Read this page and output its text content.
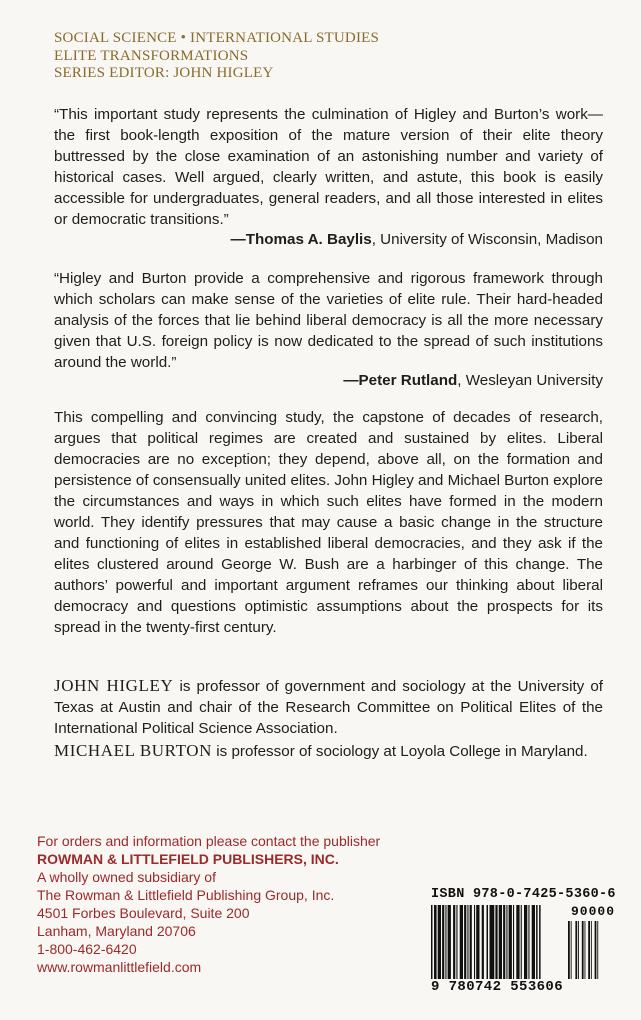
SOCIAL SCIENCE • INTERNATIONAL STUDIES
ELITE TRANSFORMATIONS
SERIES EDITOR: JOHN HIGLEY
“This important study represents the culmination of Higley and Burton’s work—the first book-length exposition of the mature version of their elite theory buttressed by the close examination of an astonishing number and variety of historical cases. Well argued, clearly written, and astute, this book is easily accessible for undergraduates, general readers, and all those interested in elites or democratic transitions.”
—Thomas A. Baylis, University of Wisconsin, Madison
“Higley and Burton provide a comprehensive and rigorous framework through which scholars can make sense of the varieties of elite rule. Their hard-headed analysis of the forces that lie behind liberal democracy is all the more necessary given that U.S. foreign policy is now dedicated to the spread of such institutions around the world.”
—Peter Rutland, Wesleyan University
This compelling and convincing study, the capstone of decades of research, argues that political regimes are created and sustained by elites. Liberal democracies are no exception; they depend, above all, on the formation and persistence of consensually united elites. John Higley and Michael Burton explore the circumstances and ways in which such elites have formed in the modern world. They identify pressures that may cause a basic change in the structure and functioning of elites in established liberal democracies, and they ask if the elites clustered around George W. Bush are a harbinger of this change. The authors’ powerful and important argument reframes our thinking about liberal democracy and questions optimistic assumptions about the prospects for its spread in the twenty-first century.
JOHN HIGLEY is professor of government and sociology at the University of Texas at Austin and chair of the Research Committee on Political Elites of the International Political Science Association.
MICHAEL BURTON is professor of sociology at Loyola College in Maryland.
For orders and information please contact the publisher
ROWMAN & LITTLEFIELD PUBLISHERS, INC.
A wholly owned subsidiary of
The Rowman & Littlefield Publishing Group, Inc.
4501 Forbes Boulevard, Suite 200
Lanham, Maryland 20706
1-800-462-6420
www.rowmanlittlefield.com
ISBN 978-0-7425-5360-6
90000
9 780742 553606
